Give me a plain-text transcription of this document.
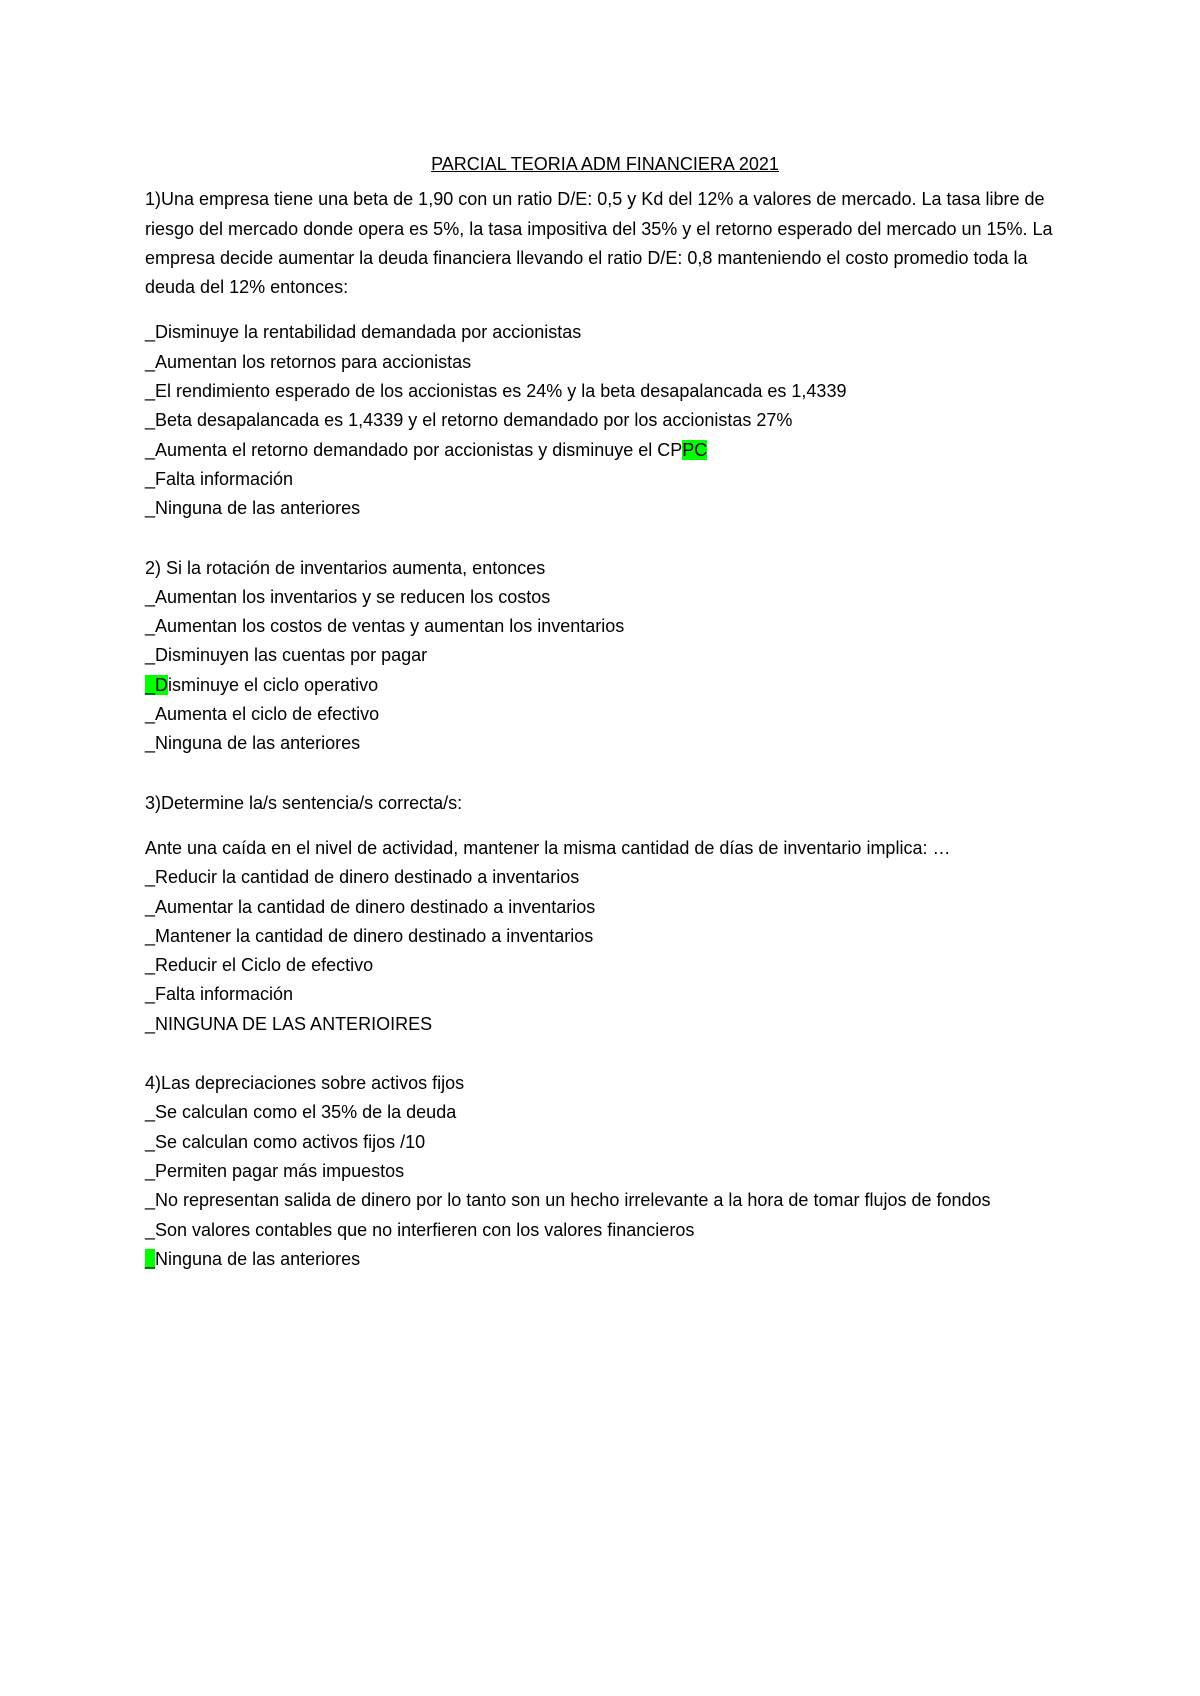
PARCIAL TEORIA ADM FINANCIERA 2021

1)Una empresa tiene una beta de 1,90 con un ratio D/E: 0,5 y Kd del 12% a valores de mercado. La tasa libre de riesgo del mercado donde opera es 5%, la tasa impositiva del 35% y el retorno esperado del mercado un 15%. La empresa decide aumentar la deuda financiera llevando el ratio D/E: 0,8 manteniendo el costo promedio toda la deuda del 12% entonces:

_Disminuye la rentabilidad demandada por accionistas

_Aumentan los retornos para accionistas

_El rendimiento esperado de los accionistas es 24% y la beta desapalancada es 1,4339

_Beta desapalancada es 1,4339 y el retorno demandado por los accionistas 27%

_Aumenta el retorno demandado por accionistas y disminuye el CPPC

_Falta información

_Ninguna de las anteriores

2) Si la rotación de inventarios aumenta, entonces

_Aumentan los inventarios y se reducen los costos

_Aumentan los costos de ventas y aumentan los inventarios

_Disminuyen las cuentas por pagar

_Disminuye el ciclo operativo

_Aumenta el ciclo de efectivo

_Ninguna de las anteriores

3)Determine la/s sentencia/s correcta/s:

Ante una caída en el nivel de actividad, mantener la misma cantidad de días de inventario implica: …

_Reducir la cantidad de dinero destinado a inventarios

_Aumentar la cantidad de dinero destinado a inventarios

_Mantener la cantidad de dinero destinado a inventarios

_Reducir el Ciclo de efectivo

_Falta información

_NINGUNA DE LAS ANTERIOIRES

4)Las depreciaciones sobre activos fijos

_Se calculan como el 35% de la deuda

_Se calculan como activos fijos /10

_Permiten pagar más impuestos

_No representan salida de dinero por lo tanto son un hecho irrelevante a la hora de tomar flujos de fondos

_Son valores contables que no interfieren con los valores financieros

_Ninguna de las anteriores
